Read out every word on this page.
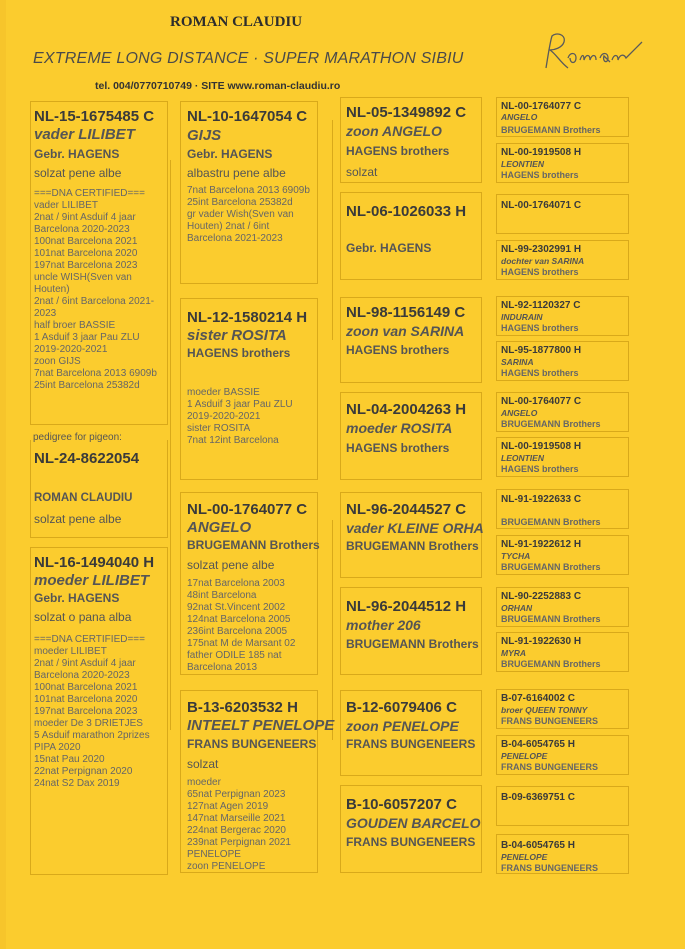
ROMAN CLAUDIU
EXTREME LONG DISTANCE · SUPER MARATHON SIBIU
tel. 004/0770710749 · SITE www.roman-claudiu.ro
NL-15-1675485 C
vader LILIBET
Gebr. HAGENS
solzat pene albe
===DNA CERTIFIED===
vader LILIBET
2nat / 9int Asduif 4 jaar
Barcelona 2020-2023
100nat Barcelona 2021
101nat Barcelona 2020
197nat Barcelona 2023
uncle WISH(Sven van
Houten)
2nat / 6int Barcelona 2021-
2023
half broer BASSIE
1 Asduif 3 jaar Pau ZLU
2019-2020-2021
zoon GIJS
7nat Barcelona 2013 6909b
25int Barcelona 25382d
pedigree for pigeon:
NL-24-8622054
ROMAN CLAUDIU
solzat pene albe
NL-16-1494040 H
moeder LILIBET
Gebr. HAGENS
solzat o pana alba
===DNA CERTIFIED===
moeder LILIBET
2nat / 9int Asduif 4 jaar
Barcelona 2020-2023
100nat Barcelona 2021
101nat Barcelona 2020
197nat Barcelona 2023
moeder De 3 DRIETJES
5 Asduif marathon 2prizes
PIPA 2020
15nat Pau 2020
22nat Perpignan 2020
24nat S2 Dax 2019
NL-10-1647054 C
GIJS
Gebr. HAGENS
albastru pene albe
7nat Barcelona 2013 6909b
25int Barcelona 25382d
gr vader Wish(Sven van
Houten) 2nat / 6int
Barcelona 2021-2023
NL-12-1580214 H
sister ROSITA
HAGENS brothers
moeder BASSIE
1 Asduif 3 jaar Pau ZLU
2019-2020-2021
sister ROSITA
7nat 12int Barcelona
NL-00-1764077 C
ANGELO
BRUGEMANN Brothers
solzat pene albe
17nat Barcelona 2003
48int Barcelona
92nat St.Vincent 2002
124nat Barcelona 2005
236int Barcelona 2005
175nat M de Marsant 02
father ODILE 185 nat
Barcelona 2013
B-13-6203532 H
INTEELT PENELOPE
FRANS BUNGENEERS
solzat
moeder
65nat Perpignan 2023
127nat Agen 2019
147nat Marseille 2021
224nat Bergerac 2020
239nat Perpignan 2021
PENELOPE
zoon PENELOPE
NL-05-1349892 C
zoon ANGELO
HAGENS brothers
solzat
NL-06-1026033 H
Gebr. HAGENS
NL-98-1156149 C
zoon van SARINA
HAGENS brothers
NL-04-2004263 H
moeder ROSITA
HAGENS brothers
NL-96-2044527 C
vader KLEINE ORHA
BRUGEMANN Brothers
NL-96-2044512 H
mother 206
BRUGEMANN Brothers
B-12-6079406 C
zoon PENELOPE
FRANS BUNGENEERS
B-10-6057207 C
GOUDEN BARCELO
FRANS BUNGENEERS
NL-00-1764077 C
ANGELO
BRUGEMANN Brothers
NL-00-1919508 H
LEONTIEN
HAGENS brothers
NL-00-1764071 C
NL-99-2302991 H
dochter van SARINA
HAGENS brothers
NL-92-1120327 C
INDURAIN
HAGENS brothers
NL-95-1877800 H
SARINA
HAGENS brothers
NL-00-1764077 C
ANGELO
BRUGEMANN Brothers
NL-00-1919508 H
LEONTIEN
HAGENS brothers
NL-91-1922633 C
BRUGEMANN Brothers
NL-91-1922612 H
TYCHA
BRUGEMANN Brothers
NL-90-2252883 C
ORHAN
BRUGEMANN Brothers
NL-91-1922630 H
MYRA
BRUGEMANN Brothers
B-07-6164002 C
broer QUEEN TONNY
FRANS BUNGENEERS
B-04-6054765 H
PENELOPE
FRANS BUNGENEERS
B-09-6369751 C
B-04-6054765 H
PENELOPE
FRANS BUNGENEERS
